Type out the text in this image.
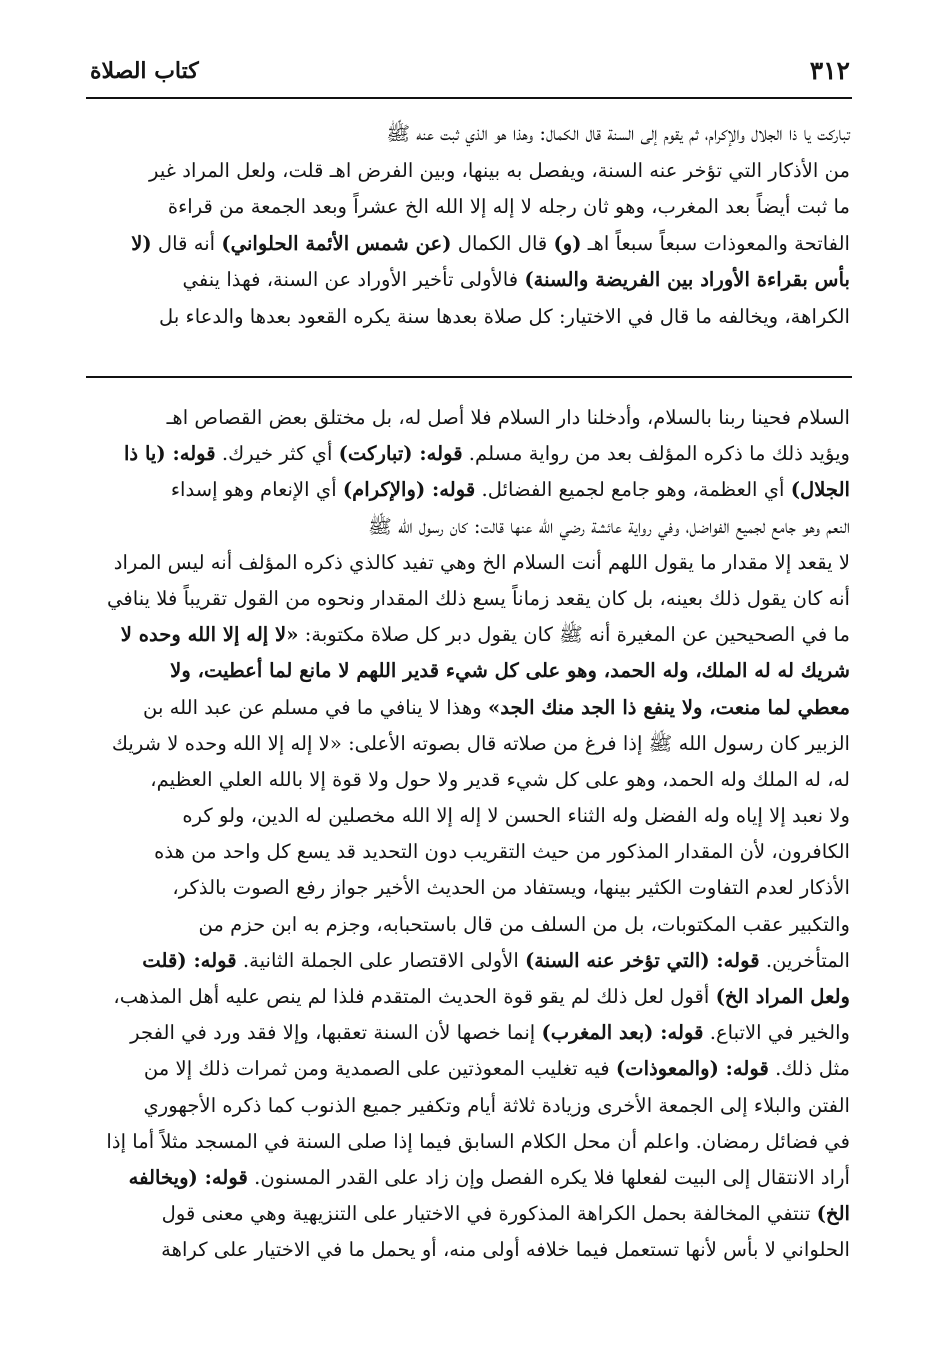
٣١٢
كتاب الصلاة
تباركت يا ذا الجلال والإكرام، ثم يقوم إلى السنة قال الكمال: وهذا هو الذي ثبت عنه ﷺ
من الأذكار التي تؤخر عنه السنة، ويفصل به بينها، وبين الفرض اهـ قلت، ولعل المراد غير
ما ثبت أيضاً بعد المغرب، وهو ثان رجله لا إله إلا الله الخ عشراً وبعد الجمعة من قراءة
الفاتحة والمعوذات سبعاً سبعاً اهـ (و) قال الكمال (عن شمس الأئمة الحلواني) أنه قال (لا
بأس بقراءة الأوراد بين الفريضة والسنة) فالأولى تأخير الأوراد عن السنة، فهذا ينفي
الكراهة، ويخالفه ما قال في الاختيار: كل صلاة بعدها سنة يكره القعود بعدها والدعاء بل
السلام فحينا ربنا بالسلام، وأدخلنا دار السلام فلا أصل له، بل مختلق بعض القصاص اهـ
ويؤيد ذلك ما ذكره المؤلف بعد من رواية مسلم. قوله: (تباركت) أي كثر خيرك. قوله: (يا ذا
الجلال) أي العظمة، وهو جامع لجميع الفضائل. قوله: (والإكرام) أي الإنعام وهو إسداء
النعم وهو جامع لجميع الفواضل، وفي رواية عائشة رضي الله عنها قالت: كان رسول الله ﷺ
لا يقعد إلا مقدار ما يقول اللهم أنت السلام الخ وهي تفيد كالذي ذكره المؤلف أنه ليس المراد
أنه كان يقول ذلك بعينه، بل كان يقعد زماناً يسع ذلك المقدار ونحوه من القول تقريباً فلا ينافي
ما في الصحيحين عن المغيرة أنه ﷺ كان يقول دبر كل صلاة مكتوبة: «لا إله إلا الله وحده لا
شريك له له الملك، وله الحمد، وهو على كل شيء قدير اللهم لا مانع لما أعطيت، ولا
معطي لما منعت، ولا ينفع ذا الجد منك الجد» وهذا لا ينافي ما في مسلم عن عبد الله بن
الزبير كان رسول الله ﷺ إذا فرغ من صلاته قال بصوته الأعلى: «لا إله إلا الله وحده لا شريك
له، له الملك وله الحمد، وهو على كل شيء قدير ولا حول ولا قوة إلا بالله العلي العظيم،
ولا نعبد إلا إياه وله الفضل وله الثناء الحسن لا إله إلا الله مخصلين له الدين، ولو كره
الكافرون، لأن المقدار المذكور من حيث التقريب دون التحديد قد يسع كل واحد من هذه
الأذكار لعدم التفاوت الكثير بينها، ويستفاد من الحديث الأخير جواز رفع الصوت بالذكر،
والتكبير عقب المكتوبات، بل من السلف من قال باستحبابه، وجزم به ابن حزم من
المتأخرين. قوله: (التي تؤخر عنه السنة) الأولى الاقتصار على الجملة الثانية. قوله: (قلت
ولعل المراد الخ) أقول لعل ذلك لم يقو قوة الحديث المتقدم فلذا لم ينص عليه أهل المذهب،
والخير في الاتباع. قوله: (بعد المغرب) إنما خصها لأن السنة تعقبها، وإلا فقد ورد في الفجر
مثل ذلك. قوله: (والمعوذات) فيه تغليب المعوذتين على الصمدية ومن ثمرات ذلك إلا من
الفتن والبلاء إلى الجمعة الأخرى وزيادة ثلاثة أيام وتكفير جميع الذنوب كما ذكره الأجهوري
في فضائل رمضان. واعلم أن محل الكلام السابق فيما إذا صلى السنة في المسجد مثلاً أما إذا
أراد الانتقال إلى البيت لفعلها فلا يكره الفصل وإن زاد على القدر المسنون. قوله: (ويخالفه
الخ) تنتفي المخالفة بحمل الكراهة المذكورة في الاختيار على التنزيهية وهي معنى قول
الحلواني لا بأس لأنها تستعمل فيما خلافه أولى منه، أو يحمل ما في الاختيار على كراهة
